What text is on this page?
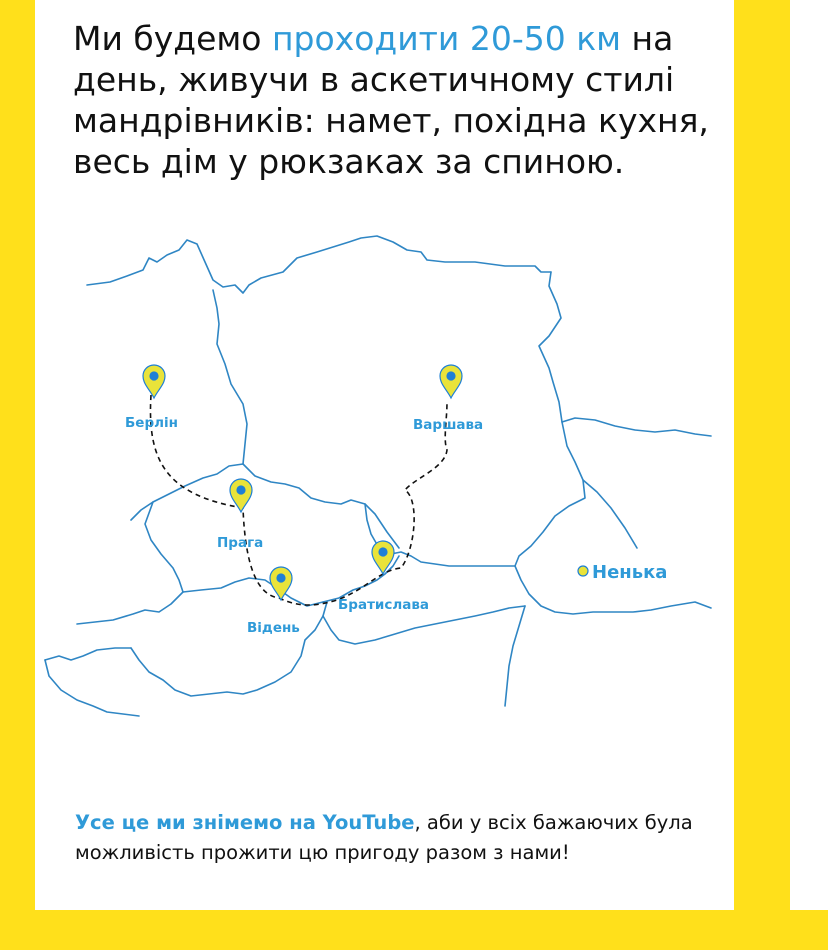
Ми будемо проходити 20-50 км на день, живучи в аскетичному стилі мандрівників: намет, похідна кухня, весь дім у рюкзаках за спиною.

Берлін	Варшава
Прага
Відень
Братислава
Ненька

Усе це ми знімемо на YouTube, аби у всіх бажаючих була можливість прожити цю пригоду разом з нами!
